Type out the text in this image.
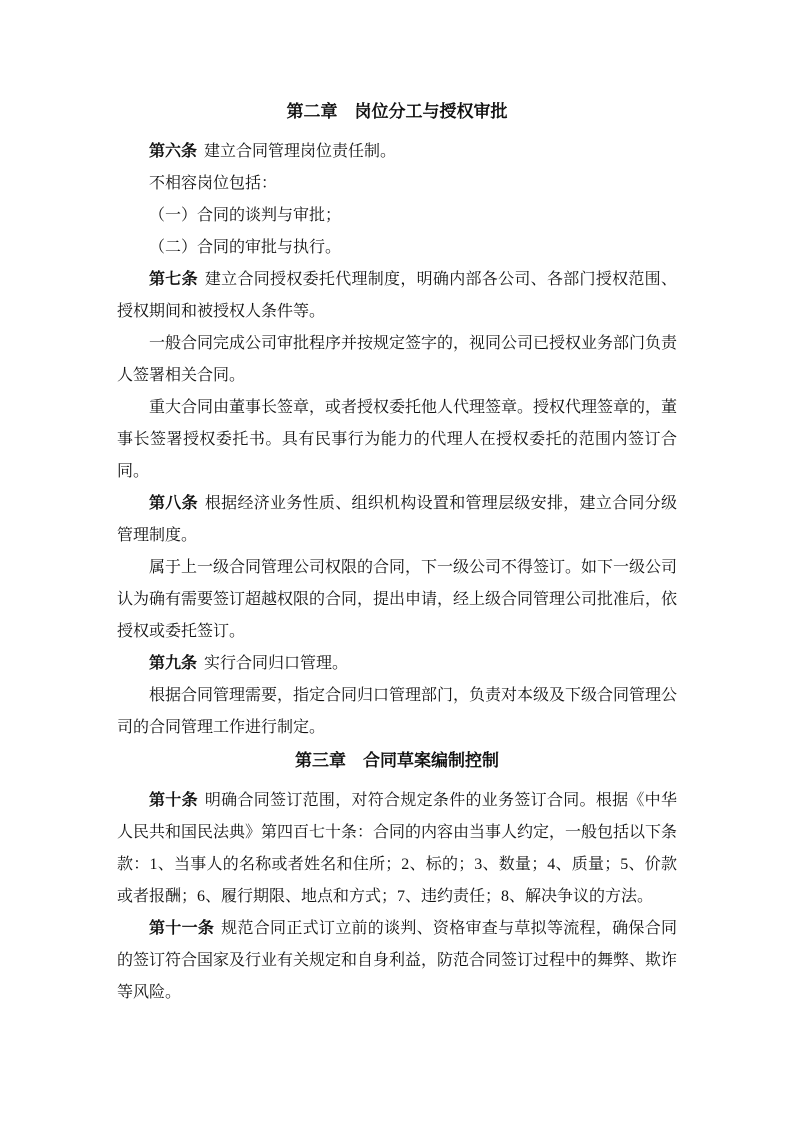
第二章　岗位分工与授权审批

第六条 建立合同管理岗位责任制。

不相容岗位包括：

（一）合同的谈判与审批；

（二）合同的审批与执行。

第七条 建立合同授权委托代理制度，明确内部各公司、各部门授权范围、授权期间和被授权人条件等。

一般合同完成公司审批程序并按规定签字的，视同公司已授权业务部门负责人签署相关合同。

重大合同由董事长签章，或者授权委托他人代理签章。授权代理签章的，董事长签署授权委托书。具有民事行为能力的代理人在授权委托的范围内签订合同。

第八条 根据经济业务性质、组织机构设置和管理层级安排，建立合同分级管理制度。

属于上一级合同管理公司权限的合同，下一级公司不得签订。如下一级公司认为确有需要签订超越权限的合同，提出申请，经上级合同管理公司批准后，依授权或委托签订。

第九条 实行合同归口管理。

根据合同管理需要，指定合同归口管理部门，负责对本级及下级合同管理公司的合同管理工作进行制定。

第三章　合同草案编制控制

第十条 明确合同签订范围，对符合规定条件的业务签订合同。根据《中华人民共和国民法典》第四百七十条：合同的内容由当事人约定，一般包括以下条款：1、当事人的名称或者姓名和住所；2、标的；3、数量；4、质量；5、价款或者报酬；6、履行期限、地点和方式；7、违约责任；8、解决争议的方法。

第十一条 规范合同正式订立前的谈判、资格审查与草拟等流程，确保合同的签订符合国家及行业有关规定和自身利益，防范合同签订过程中的舞弊、欺诈等风险。
